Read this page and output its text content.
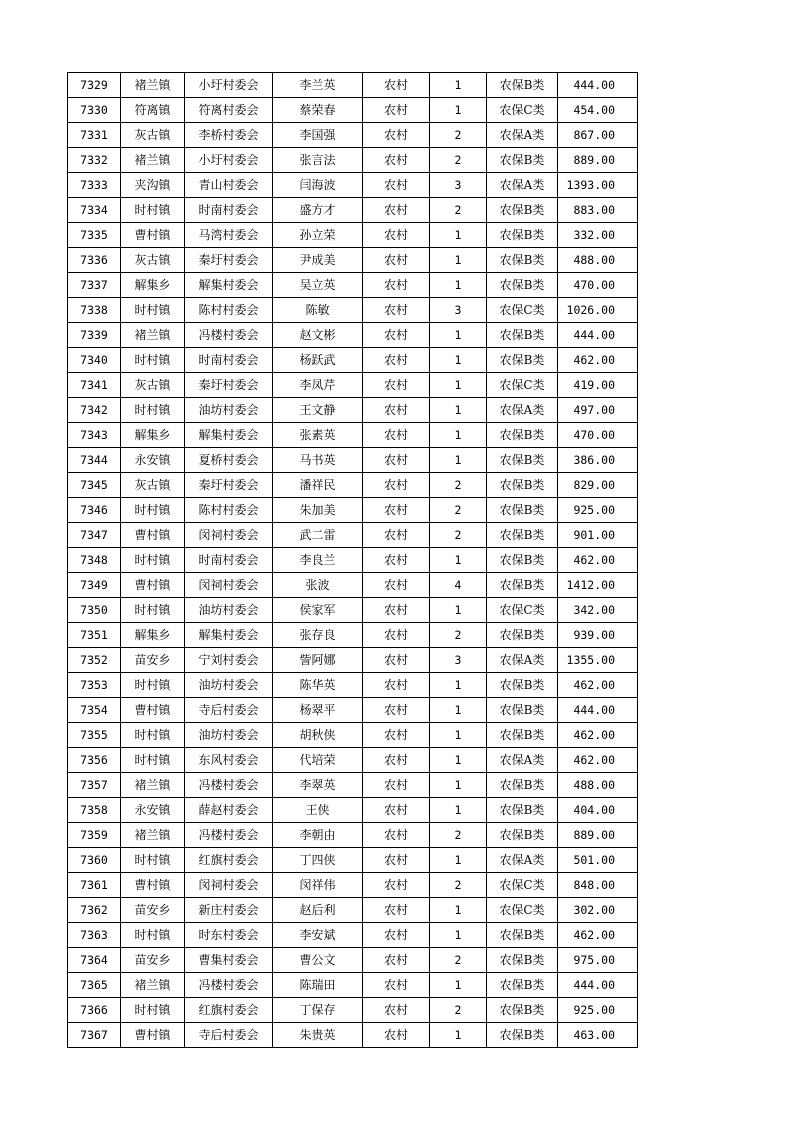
7329	褚兰镇	小圩村委会	李兰英	农村	1	农保B类	444.00
7330	符离镇	符离村委会	蔡荣春	农村	1	农保C类	454.00
7331	灰古镇	李桥村委会	李国强	农村	2	农保A类	867.00
7332	褚兰镇	小圩村委会	张言法	农村	2	农保B类	889.00
7333	夹沟镇	青山村委会	闫海波	农村	3	农保A类	1393.00
7334	时村镇	时南村委会	盛方才	农村	2	农保B类	883.00
7335	曹村镇	马湾村委会	孙立荣	农村	1	农保B类	332.00
7336	灰古镇	秦圩村委会	尹成美	农村	1	农保B类	488.00
7337	解集乡	解集村委会	吴立英	农村	1	农保B类	470.00
7338	时村镇	陈村村委会	陈敏	农村	3	农保C类	1026.00
7339	褚兰镇	冯楼村委会	赵文彬	农村	1	农保B类	444.00
7340	时村镇	时南村委会	杨跃武	农村	1	农保B类	462.00
7341	灰古镇	秦圩村委会	李凤芹	农村	1	农保C类	419.00
7342	时村镇	油坊村委会	王文静	农村	1	农保A类	497.00
7343	解集乡	解集村委会	张素英	农村	1	农保B类	470.00
7344	永安镇	夏桥村委会	马书英	农村	1	农保B类	386.00
7345	灰古镇	秦圩村委会	潘祥民	农村	2	农保B类	829.00
7346	时村镇	陈村村委会	朱加美	农村	2	农保B类	925.00
7347	曹村镇	闵祠村委会	武二雷	农村	2	农保B类	901.00
7348	时村镇	时南村委会	李良兰	农村	1	农保B类	462.00
7349	曹村镇	闵祠村委会	张波	农村	4	农保B类	1412.00
7350	时村镇	油坊村委会	侯家军	农村	1	农保C类	342.00
7351	解集乡	解集村委会	张存良	农村	2	农保B类	939.00
7352	苗安乡	宁刘村委会	訾阿娜	农村	3	农保A类	1355.00
7353	时村镇	油坊村委会	陈华英	农村	1	农保B类	462.00
7354	曹村镇	寺后村委会	杨翠平	农村	1	农保B类	444.00
7355	时村镇	油坊村委会	胡秋侠	农村	1	农保B类	462.00
7356	时村镇	东风村委会	代培荣	农村	1	农保A类	462.00
7357	褚兰镇	冯楼村委会	李翠英	农村	1	农保B类	488.00
7358	永安镇	薛赵村委会	王侠	农村	1	农保B类	404.00
7359	褚兰镇	冯楼村委会	李朝由	农村	2	农保B类	889.00
7360	时村镇	红旗村委会	丁四侠	农村	1	农保A类	501.00
7361	曹村镇	闵祠村委会	闵祥伟	农村	2	农保C类	848.00
7362	苗安乡	新庄村委会	赵后利	农村	1	农保C类	302.00
7363	时村镇	时东村委会	李安斌	农村	1	农保B类	462.00
7364	苗安乡	曹集村委会	曹公文	农村	2	农保B类	975.00
7365	褚兰镇	冯楼村委会	陈瑞田	农村	1	农保B类	444.00
7366	时村镇	红旗村委会	丁保存	农村	2	农保B类	925.00
7367	曹村镇	寺后村委会	朱贵英	农村	1	农保B类	463.00
